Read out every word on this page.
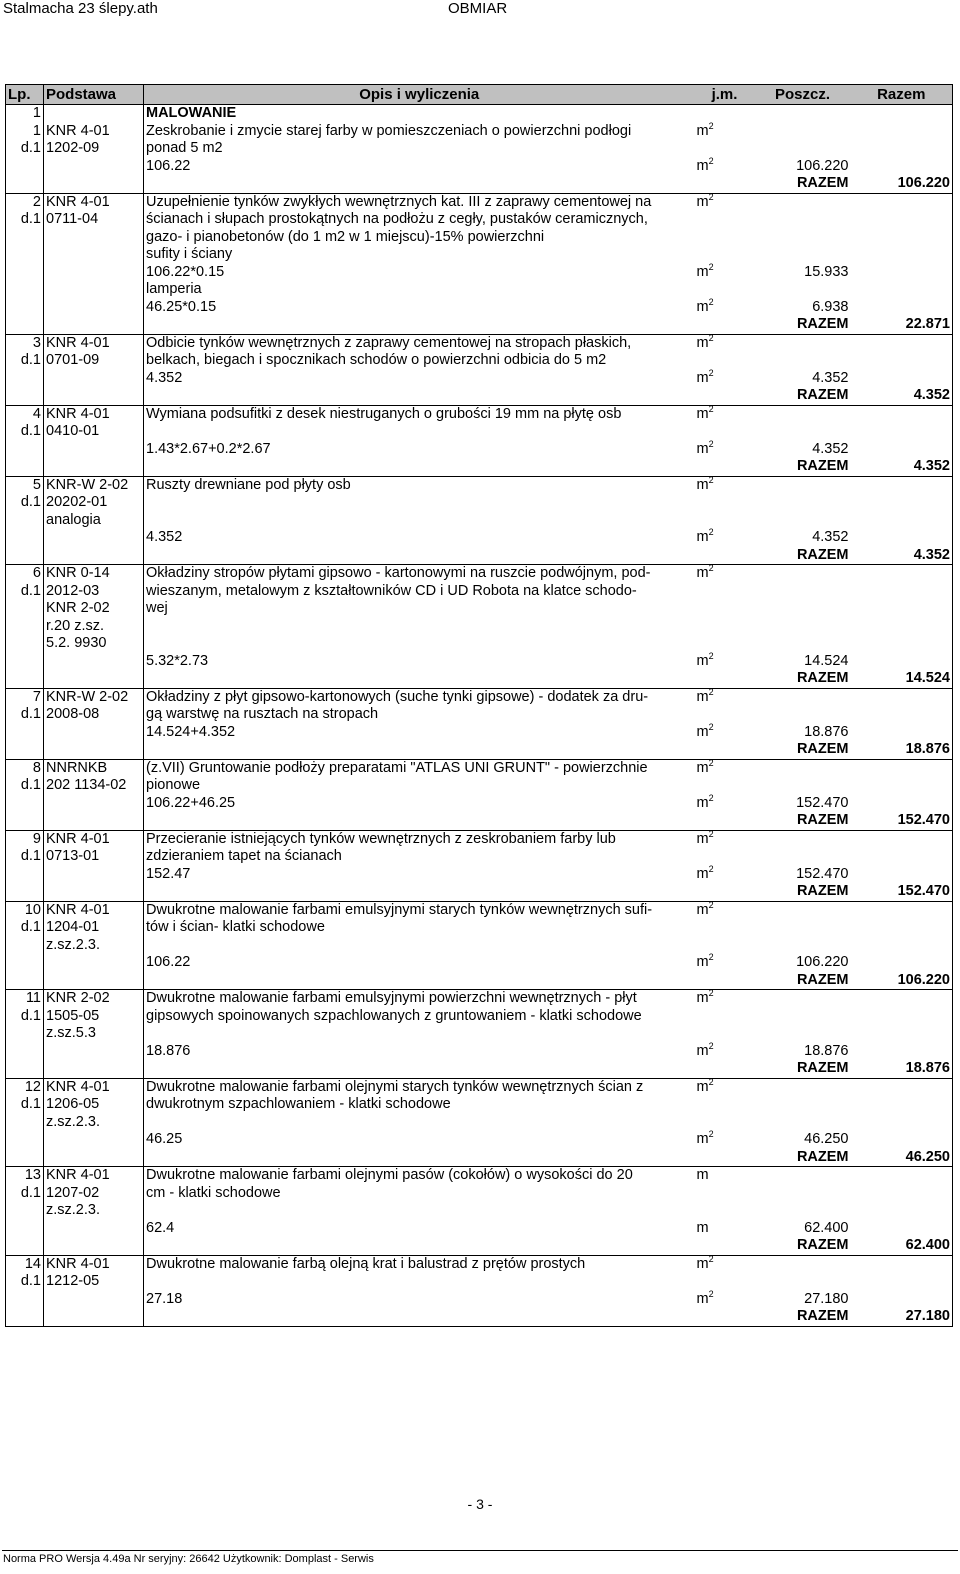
Stalmacha 23 ślepy.ath	OBMIAR
Lp.	Podstawa	Opis i wyliczenia	j.m.	Poszcz.	Razem
1		MALOWANIE			
1	KNR 4-01	Zeskrobanie i zmycie starej farby w pomieszczeniach o powierzchni podłogi	$m^2$		
d.1	1202-09	ponad 5 m2			
		106.22	$m^2$	106.220	
				RAZEM	106.220
2	KNR 4-01	Uzupełnienie tynków zwykłych wewnętrznych kat. III z zaprawy cementowej na	$m^2$		
d.1	0711-04	ścianach i słupach prostokątnych na podłożu z cegły, pustaków ceramicznych,			
		gazo- i pianobetonów (do 1 m2 w 1 miejscu)-15% powierzchni			
		sufity i ściany			
		106.22*0.15	$m^2$	15.933	
		lamperia			
		46.25*0.15	$m^2$	6.938	
				RAZEM	22.871
3	KNR 4-01	Odbicie tynków wewnętrznych z zaprawy cementowej na stropach płaskich,	$m^2$		
d.1	0701-09	belkach, biegach i spocznikach schodów o powierzchni odbicia do 5 m2			
		4.352	$m^2$	4.352	
				RAZEM	4.352
4	KNR 4-01	Wymiana podsufitki z desek niestruganych o grubości 19 mm na płytę osb	$m^2$		
d.1	0410-01				
		1.43*2.67+0.2*2.67	$m^2$	4.352	
				RAZEM	4.352
5	KNR-W 2-02	Ruszty drewniane pod płyty osb	$m^2$		
d.1	20202-01				
	analogia				
		4.352	$m^2$	4.352	
				RAZEM	4.352
6	KNR 0-14	Okładziny stropów płytami gipsowo - kartonowymi na ruszcie podwójnym, pod-	$m^2$		
d.1	2012-03	wieszanym, metalowym z kształtowników CD i UD Robota na klatce schodo-			
	KNR 2-02	wej			
	r.20 z.sz.				
	5.2. 9930				
		5.32*2.73	$m^2$	14.524	
				RAZEM	14.524
7	KNR-W 2-02	Okładziny z płyt gipsowo-kartonowych (suche tynki gipsowe) - dodatek za dru-	$m^2$		
d.1	2008-08	gą warstwę na rusztach na stropach			
		14.524+4.352	$m^2$	18.876	
				RAZEM	18.876
8	NNRNKB	(z.VII) Gruntowanie podłoży preparatami "ATLAS UNI GRUNT" - powierzchnie	$m^2$		
d.1	202 1134-02	pionowe			
		106.22+46.25	$m^2$	152.470	
				RAZEM	152.470
9	KNR 4-01	Przecieranie istniejących tynków wewnętrznych z zeskrobaniem farby lub	$m^2$		
d.1	0713-01	zdzieraniem tapet na ścianach			
		152.47	$m^2$	152.470	
				RAZEM	152.470
10	KNR 4-01	Dwukrotne malowanie farbami emulsyjnymi starych tynków wewnętrznych sufi-	$m^2$		
d.1	1204-01	tów i ścian- klatki schodowe			
	z.sz.2.3.				
		106.22	$m^2$	106.220	
				RAZEM	106.220
11	KNR 2-02	Dwukrotne malowanie farbami emulsyjnymi powierzchni wewnętrznych - płyt	$m^2$		
d.1	1505-05	gipsowych spoinowanych szpachlowanych z gruntowaniem - klatki schodowe			
	z.sz.5.3				
		18.876	$m^2$	18.876	
				RAZEM	18.876
12	KNR 4-01	Dwukrotne malowanie farbami olejnymi starych tynków wewnętrznych ścian z	$m^2$		
d.1	1206-05	dwukrotnym szpachlowaniem - klatki schodowe			
	z.sz.2.3.				
		46.25	$m^2$	46.250	
				RAZEM	46.250
13	KNR 4-01	Dwukrotne malowanie farbami olejnymi pasów (cokołów) o wysokości do 20	m		
d.1	1207-02	cm - klatki schodowe			
	z.sz.2.3.				
		62.4	m	62.400	
				RAZEM	62.400
14	KNR 4-01	Dwukrotne malowanie farbą olejną krat i balustrad z prętów prostych	$m^2$		
d.1	1212-05				
		27.18	$m^2$	27.180	
				RAZEM	27.180
- 3 -
Norma PRO Wersja 4.49a Nr seryjny: 26642 Użytkownik: Domplast - Serwis
